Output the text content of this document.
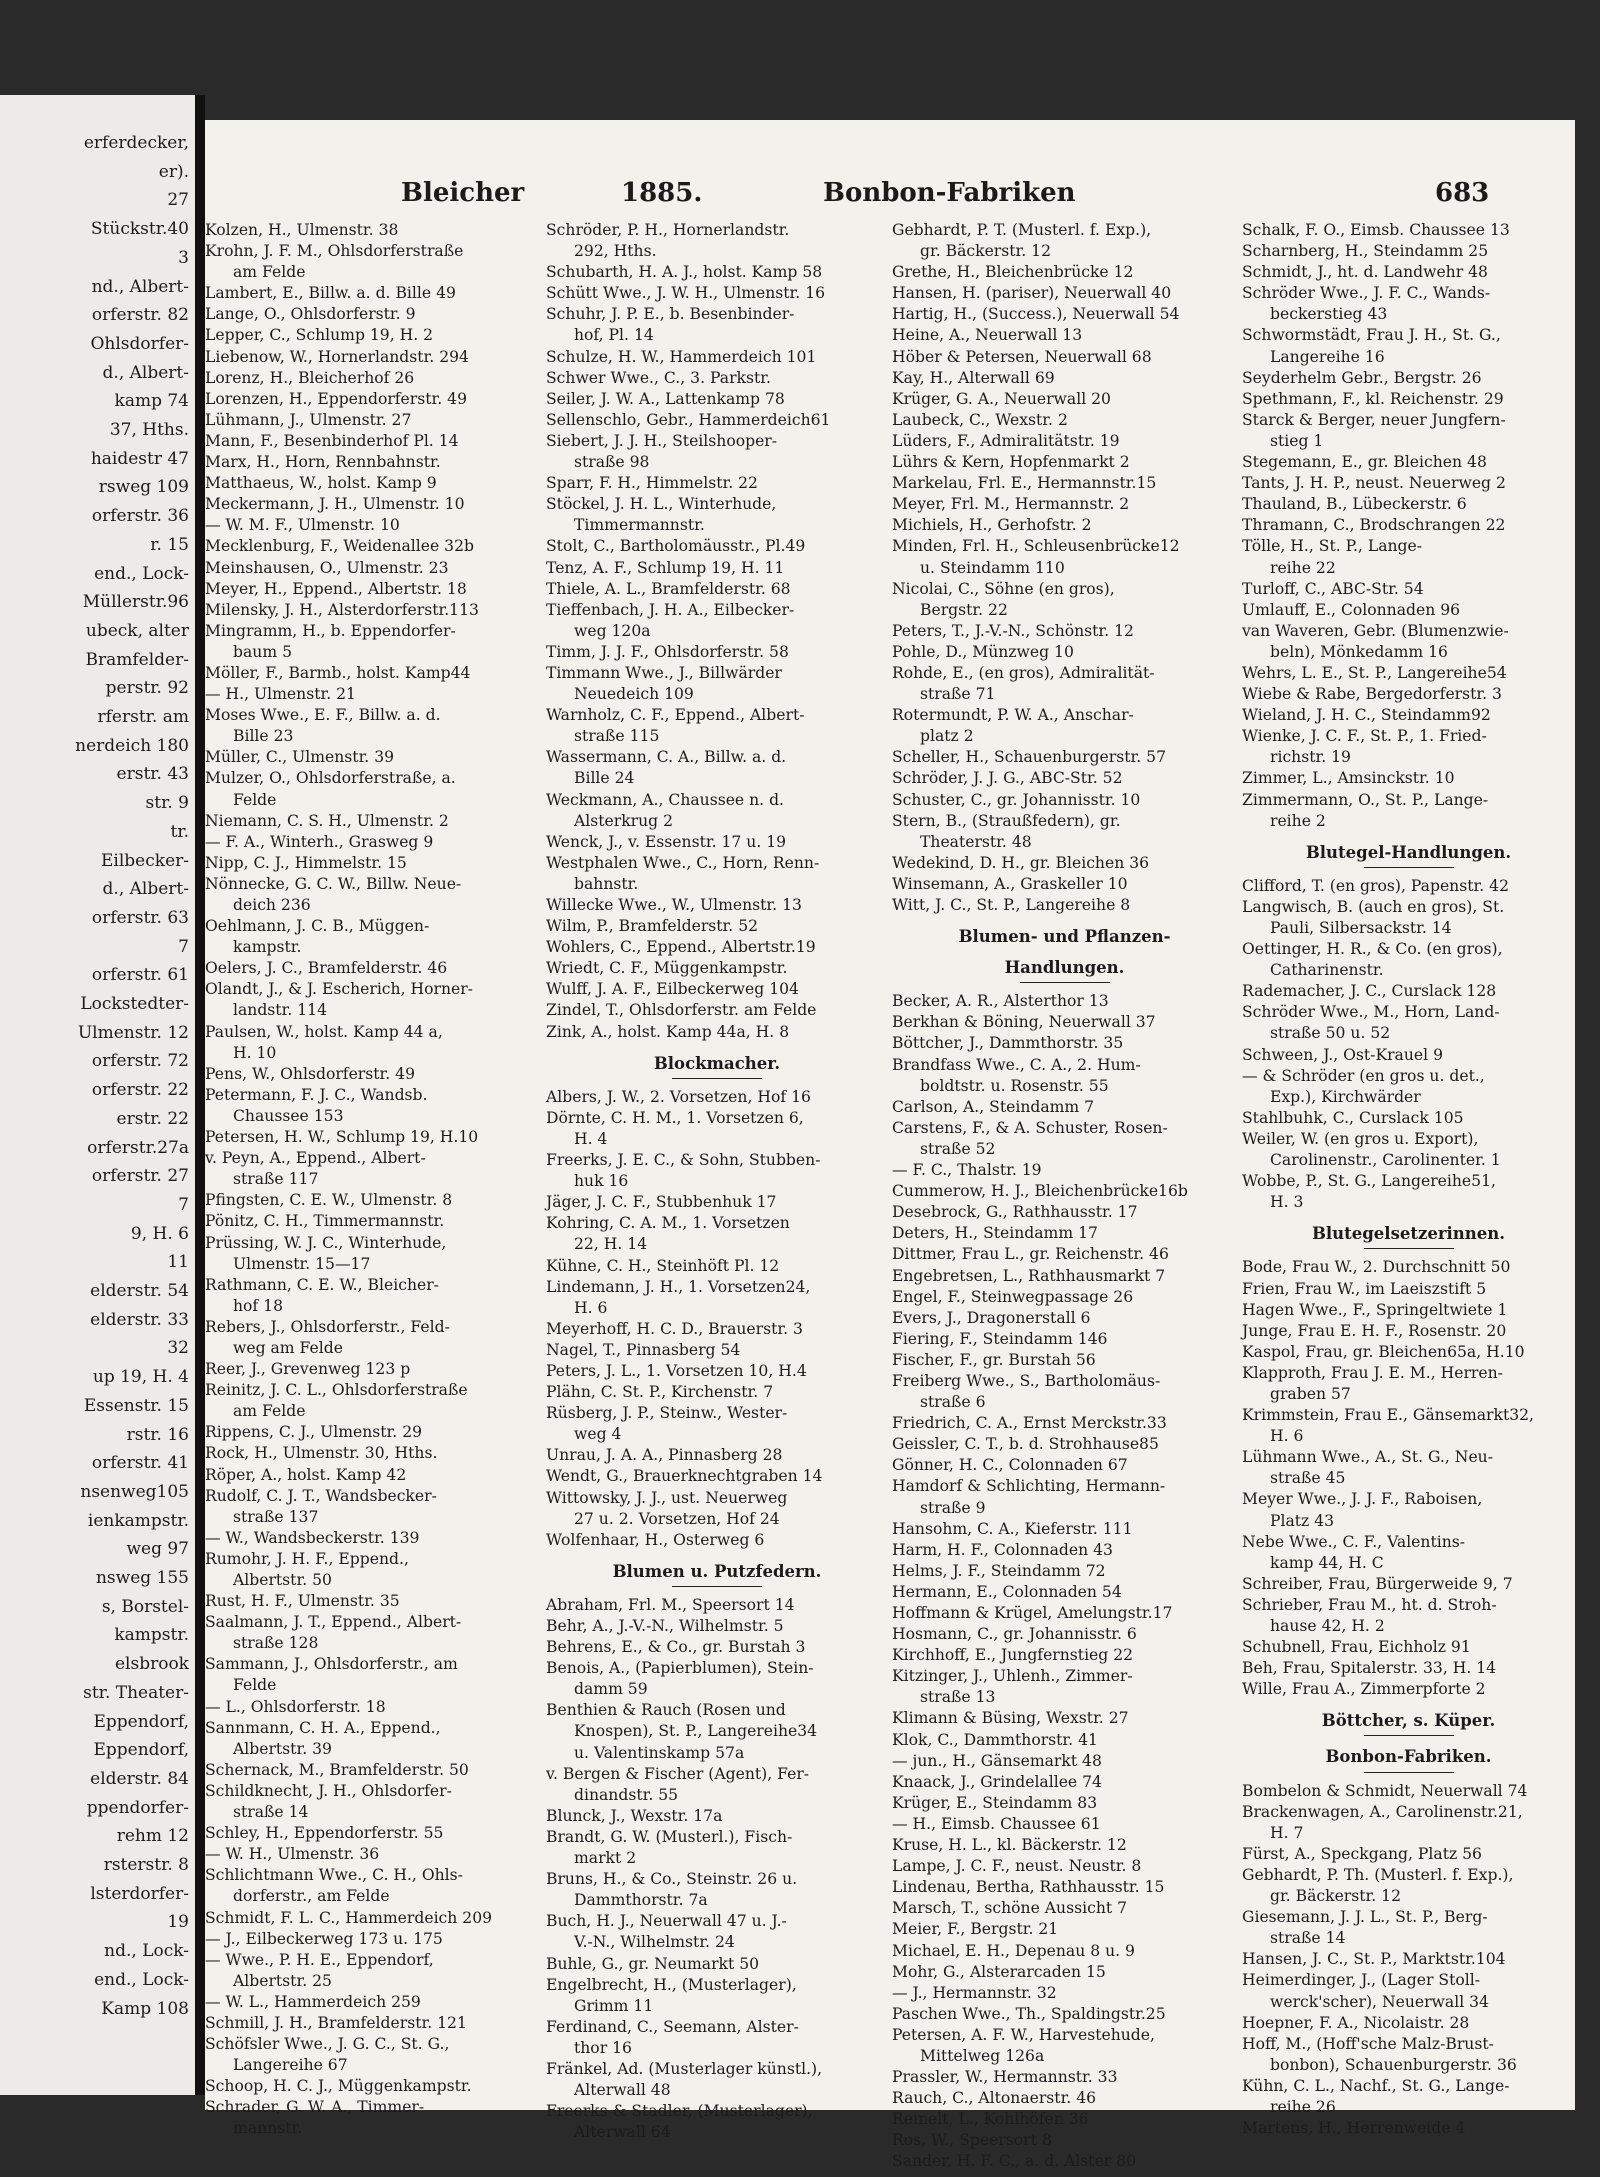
erferdecker,
er).
27
Stückstr.40
3
nd., Albert-
orferstr. 82
Ohlsdorfer-
d., Albert-
kamp 74
37, Hths.
haidestr 47
rsweg 109
orferstr. 36
r. 15
end., Lock-
Müllerstr.96
ubeck, alter
Bramfelder-
perstr. 92
rferstr. am
nerdeich 180
erstr. 43
str. 9
tr.
Eilbecker-
d., Albert-
orferstr. 63
7
orferstr. 61
Lockstedter-
Ulmenstr. 12
orferstr. 72
orferstr. 22
erstr. 22
orferstr.27a
orferstr. 27
7
9, H. 6
11
elderstr. 54
elderstr. 33
32
up 19, H. 4
Essenstr. 15
rstr. 16
orferstr. 41
nsenweg105
ienkampstr.
weg 97
nsweg 155
s, Borstel-
kampstr.
elsbrook
str. Theater-
Eppendorf,
Eppendorf,
elderstr. 84
ppendorfer-
rehm 12
rsterstr. 8
lsterdorfer-
19
nd., Lock-
end., Lock-
Kamp 108
Bleicher	1885.	Bonbon-Fabriken	683
Kolzen, H., Ulmenstr. 38
Krohn, J. F. M., Ohlsdorferstraße
am Felde
Lambert, E., Billw. a. d. Bille 49
Lange, O., Ohlsdorferstr. 9
Lepper, C., Schlump 19, H. 2
Liebenow, W., Hornerlandstr. 294
Lorenz, H., Bleicherhof 26
Lorenzen, H., Eppendorferstr. 49
Lühmann, J., Ulmenstr. 27
Mann, F., Besenbinderhof Pl. 14
Marx, H., Horn, Rennbahnstr.
Matthaeus, W., holst. Kamp 9
Meckermann, J. H., Ulmenstr. 10
— W. M. F., Ulmenstr. 10
Mecklenburg, F., Weidenallee 32b
Meinshausen, O., Ulmenstr. 23
Meyer, H., Eppend., Albertstr. 18
Milensky, J. H., Alsterdorferstr.113
Mingramm, H., b. Eppendorfer-
baum 5
Möller, F., Barmb., holst. Kamp44
— H., Ulmenstr. 21
Moses Wwe., E. F., Billw. a. d.
Bille 23
Müller, C., Ulmenstr. 39
Mulzer, O., Ohlsdorferstraße, a.
Felde
Niemann, C. S. H., Ulmenstr. 2
— F. A., Winterh., Grasweg 9
Nipp, C. J., Himmelstr. 15
Nönnecke, G. C. W., Billw. Neue-
deich 236
Oehlmann, J. C. B., Müggen-
kampstr.
Oelers, J. C., Bramfelderstr. 46
Olandt, J., & J. Escherich, Horner-
landstr. 114
Paulsen, W., holst. Kamp 44 a,
H. 10
Pens, W., Ohlsdorferstr. 49
Petermann, F. J. C., Wandsb.
Chaussee 153
Petersen, H. W., Schlump 19, H.10
v. Peyn, A., Eppend., Albert-
straße 117
Pfingsten, C. E. W., Ulmenstr. 8
Pönitz, C. H., Timmermannstr.
Prüssing, W. J. C., Winterhude,
Ulmenstr. 15—17
Rathmann, C. E. W., Bleicher-
hof 18
Rebers, J., Ohlsdorferstr., Feld-
weg am Felde
Reer, J., Grevenweg 123 p
Reinitz, J. C. L., Ohlsdorferstraße
am Felde
Rippens, C. J., Ulmenstr. 29
Rock, H., Ulmenstr. 30, Hths.
Röper, A., holst. Kamp 42
Rudolf, C. J. T., Wandsbecker-
straße 137
— W., Wandsbeckerstr. 139
Rumohr, J. H. F., Eppend.,
Albertstr. 50
Rust, H. F., Ulmenstr. 35
Saalmann, J. T., Eppend., Albert-
straße 128
Sammann, J., Ohlsdorferstr., am
Felde
— L., Ohlsdorferstr. 18
Sannmann, C. H. A., Eppend.,
Albertstr. 39
Schernack, M., Bramfelderstr. 50
Schildknecht, J. H., Ohlsdorfer-
straße 14
Schley, H., Eppendorferstr. 55
— W. H., Ulmenstr. 36
Schlichtmann Wwe., C. H., Ohls-
dorferstr., am Felde
Schmidt, F. L. C., Hammerdeich 209
— J., Eilbeckerweg 173 u. 175
— Wwe., P. H. E., Eppendorf,
Albertstr. 25
— W. L., Hammerdeich 259
Schmill, J. H., Bramfelderstr. 121
Schöfsler Wwe., J. G. C., St. G.,
Langereihe 67
Schoop, H. C. J., Müggenkampstr.
Schrader, G. W. A., Timmer-
mannstr.
Schröder, P. H., Hornerlandstr.
292, Hths.
Schubarth, H. A. J., holst. Kamp 58
Schütt Wwe., J. W. H., Ulmenstr. 16
Schuhr, J. P. E., b. Besenbinder-
hof, Pl. 14
Schulze, H. W., Hammerdeich 101
Schwer Wwe., C., 3. Parkstr.
Seiler, J. W. A., Lattenkamp 78
Sellenschlo, Gebr., Hammerdeich61
Siebert, J. J. H., Steilshooper-
straße 98
Sparr, F. H., Himmelstr. 22
Stöckel, J. H. L., Winterhude,
Timmermannstr.
Stolt, C., Bartholomäusstr., Pl.49
Tenz, A. F., Schlump 19, H. 11
Thiele, A. L., Bramfelderstr. 68
Tieffenbach, J. H. A., Eilbecker-
weg 120a
Timm, J. J. F., Ohlsdorferstr. 58
Timmann Wwe., J., Billwärder
Neuedeich 109
Warnholz, C. F., Eppend., Albert-
straße 115
Wassermann, C. A., Billw. a. d.
Bille 24
Weckmann, A., Chaussee n. d.
Alsterkrug 2
Wenck, J., v. Essenstr. 17 u. 19
Westphalen Wwe., C., Horn, Renn-
bahnstr.
Willecke Wwe., W., Ulmenstr. 13
Wilm, P., Bramfelderstr. 52
Wohlers, C., Eppend., Albertstr.19
Wriedt, C. F., Müggenkampstr.
Wulff, J. A. F., Eilbeckerweg 104
Zindel, T., Ohlsdorferstr. am Felde
Zink, A., holst. Kamp 44a, H. 8
Blockmacher.
Albers, J. W., 2. Vorsetzen, Hof 16
Dörnte, C. H. M., 1. Vorsetzen 6,
H. 4
Freerks, J. E. C., & Sohn, Stubben-
huk 16
Jäger, J. C. F., Stubbenhuk 17
Kohring, C. A. M., 1. Vorsetzen
22, H. 14
Kühne, C. H., Steinhöft Pl. 12
Lindemann, J. H., 1. Vorsetzen24,
H. 6
Meyerhoff, H. C. D., Brauerstr. 3
Nagel, T., Pinnasberg 54
Peters, J. L., 1. Vorsetzen 10, H.4
Plähn, C. St. P., Kirchenstr. 7
Rüsberg, J. P., Steinw., Wester-
weg 4
Unrau, J. A. A., Pinnasberg 28
Wendt, G., Brauerknechtgraben 14
Wittowsky, J. J., ust. Neuerweg
27 u. 2. Vorsetzen, Hof 24
Wolfenhaar, H., Osterweg 6
Blumen u. Putzfedern.
Abraham, Frl. M., Speersort 14
Behr, A., J.-V.-N., Wilhelmstr. 5
Behrens, E., & Co., gr. Burstah 3
Benois, A., (Papierblumen), Stein-
damm 59
Benthien & Rauch (Rosen und
Knospen), St. P., Langereihe34
u. Valentinskamp 57a
v. Bergen & Fischer (Agent), Fer-
dinandstr. 55
Blunck, J., Wexstr. 17a
Brandt, G. W. (Musterl.), Fisch-
markt 2
Bruns, H., & Co., Steinstr. 26 u.
Dammthorstr. 7a
Buch, H. J., Neuerwall 47 u. J.-
V.-N., Wilhelmstr. 24
Buhle, G., gr. Neumarkt 50
Engelbrecht, H., (Musterlager),
Grimm 11
Ferdinand, C., Seemann, Alster-
thor 16
Fränkel, Ad. (Musterlager künstl.),
Alterwall 48
Freerks & Stadler, (Musterlager),
Alterwall 64
Gebhardt, P. T. (Musterl. f. Exp.),
gr. Bäckerstr. 12
Grethe, H., Bleichenbrücke 12
Hansen, H. (pariser), Neuerwall 40
Hartig, H., (Success.), Neuerwall 54
Heine, A., Neuerwall 13
Höber & Petersen, Neuerwall 68
Kay, H., Alterwall 69
Krüger, G. A., Neuerwall 20
Laubeck, C., Wexstr. 2
Lüders, F., Admiralitätstr. 19
Lührs & Kern, Hopfenmarkt 2
Markelau, Frl. E., Hermannstr.15
Meyer, Frl. M., Hermannstr. 2
Michiels, H., Gerhofstr. 2
Minden, Frl. H., Schleusenbrücke12
u. Steindamm 110
Nicolai, C., Söhne (en gros),
Bergstr. 22
Peters, T., J.-V.-N., Schönstr. 12
Pohle, D., Münzweg 10
Rohde, E., (en gros), Admiralität-
straße 71
Rotermundt, P. W. A., Anschar-
platz 2
Scheller, H., Schauenburgerstr. 57
Schröder, J. J. G., ABC-Str. 52
Schuster, C., gr. Johannisstr. 10
Stern, B., (Straußfedern), gr.
Theaterstr. 48
Wedekind, D. H., gr. Bleichen 36
Winsemann, A., Graskeller 10
Witt, J. C., St. P., Langereihe 8
Blumen- und Pflanzen-
Handlungen.
Becker, A. R., Alsterthor 13
Berkhan & Böning, Neuerwall 37
Böttcher, J., Dammthorstr. 35
Brandfass Wwe., C. A., 2. Hum-
boldtstr. u. Rosenstr. 55
Carlson, A., Steindamm 7
Carstens, F., & A. Schuster, Rosen-
straße 52
— F. C., Thalstr. 19
Cummerow, H. J., Bleichenbrücke16b
Desebrock, G., Rathhausstr. 17
Deters, H., Steindamm 17
Dittmer, Frau L., gr. Reichenstr. 46
Engebretsen, L., Rathhausmarkt 7
Engel, F., Steinwegpassage 26
Evers, J., Dragonerstall 6
Fiering, F., Steindamm 146
Fischer, F., gr. Burstah 56
Freiberg Wwe., S., Bartholomäus-
straße 6
Friedrich, C. A., Ernst Merckstr.33
Geissler, C. T., b. d. Strohhause85
Gönner, H. C., Colonnaden 67
Hamdorf & Schlichting, Hermann-
straße 9
Hansohm, C. A., Kieferstr. 111
Harm, H. F., Colonnaden 43
Helms, J. F., Steindamm 72
Hermann, E., Colonnaden 54
Hoffmann & Krügel, Amelungstr.17
Hosmann, C., gr. Johannisstr. 6
Kirchhoff, E., Jungfernstieg 22
Kitzinger, J., Uhlenh., Zimmer-
straße 13
Klimann & Büsing, Wexstr. 27
Klok, C., Dammthorstr. 41
— jun., H., Gänsemarkt 48
Knaack, J., Grindelallee 74
Krüger, E., Steindamm 83
— H., Eimsb. Chaussee 61
Kruse, H. L., kl. Bäckerstr. 12
Lampe, J. C. F., neust. Neustr. 8
Lindenau, Bertha, Rathhausstr. 15
Marsch, T., schöne Aussicht 7
Meier, F., Bergstr. 21
Michael, E. H., Depenau 8 u. 9
Mohr, G., Alsterarcaden 15
— J., Hermannstr. 32
Paschen Wwe., Th., Spaldingstr.25
Petersen, A. F. W., Harvestehude,
Mittelweg 126a
Prassler, W., Hermannstr. 33
Rauch, C., Altonaerstr. 46
Reinelt, L., Kohlhöfen 36
Ros, W., Speersort 8
Sander, H. F. C., a. d. Alster 80
Schalk, F. O., Eimsb. Chaussee 13
Scharnberg, H., Steindamm 25
Schmidt, J., ht. d. Landwehr 48
Schröder Wwe., J. F. C., Wands-
beckerstieg 43
Schwormstädt, Frau J. H., St. G.,
Langereihe 16
Seyderhelm Gebr., Bergstr. 26
Spethmann, F., kl. Reichenstr. 29
Starck & Berger, neuer Jungfern-
stieg 1
Stegemann, E., gr. Bleichen 48
Tants, J. H. P., neust. Neuerweg 2
Thauland, B., Lübeckerstr. 6
Thramann, C., Brodschrangen 22
Tölle, H., St. P., Lange-
reihe 22
Turloff, C., ABC-Str. 54
Umlauff, E., Colonnaden 96
van Waveren, Gebr. (Blumenzwie-
beln), Mönkedamm 16
Wehrs, L. E., St. P., Langereihe54
Wiebe & Rabe, Bergedorferstr. 3
Wieland, J. H. C., Steindamm92
Wienke, J. C. F., St. P., 1. Fried-
richstr. 19
Zimmer, L., Amsinckstr. 10
Zimmermann, O., St. P., Lange-
reihe 2
Blutegel-Handlungen.
Clifford, T. (en gros), Papenstr. 42
Langwisch, B. (auch en gros), St.
Pauli, Silbersackstr. 14
Oettinger, H. R., & Co. (en gros),
Catharinenstr.
Rademacher, J. C., Curslack 128
Schröder Wwe., M., Horn, Land-
straße 50 u. 52
Schween, J., Ost-Krauel 9
— & Schröder (en gros u. det.,
Exp.), Kirchwärder
Stahlbuhk, C., Curslack 105
Weiler, W. (en gros u. Export),
Carolinenstr., Carolinenter. 1
Wobbe, P., St. G., Langereihe51,
H. 3
Blutegelsetzerinnen.
Bode, Frau W., 2. Durchschnitt 50
Frien, Frau W., im Laeiszstift 5
Hagen Wwe., F., Springeltwiete 1
Junge, Frau E. H. F., Rosenstr. 20
Kaspol, Frau, gr. Bleichen65a, H.10
Klapproth, Frau J. E. M., Herren-
graben 57
Krimmstein, Frau E., Gänsemarkt32,
H. 6
Lühmann Wwe., A., St. G., Neu-
straße 45
Meyer Wwe., J. J. F., Raboisen,
Platz 43
Nebe Wwe., C. F., Valentins-
kamp 44, H. C
Schreiber, Frau, Bürgerweide 9, 7
Schrieber, Frau M., ht. d. Stroh-
hause 42, H. 2
Schubnell, Frau, Eichholz 91
Beh, Frau, Spitalerstr. 33, H. 14
Wille, Frau A., Zimmerpforte 2
Böttcher, s. Küper.
Bonbon-Fabriken.
Bombelon & Schmidt, Neuerwall 74
Brackenwagen, A., Carolinenstr.21,
H. 7
Fürst, A., Speckgang, Platz 56
Gebhardt, P. Th. (Musterl. f. Exp.),
gr. Bäckerstr. 12
Giesemann, J. J. L., St. P., Berg-
straße 14
Hansen, J. C., St. P., Marktstr.104
Heimerdinger, J., (Lager Stoll-
werck'scher), Neuerwall 34
Hoepner, F. A., Nicolaistr. 28
Hoff, M., (Hoff'sche Malz-Brust-
bonbon), Schauenburgerstr. 36
Kühn, C. L., Nachf., St. G., Lange-
reihe 26
Martens, H., Herrenweide 4
